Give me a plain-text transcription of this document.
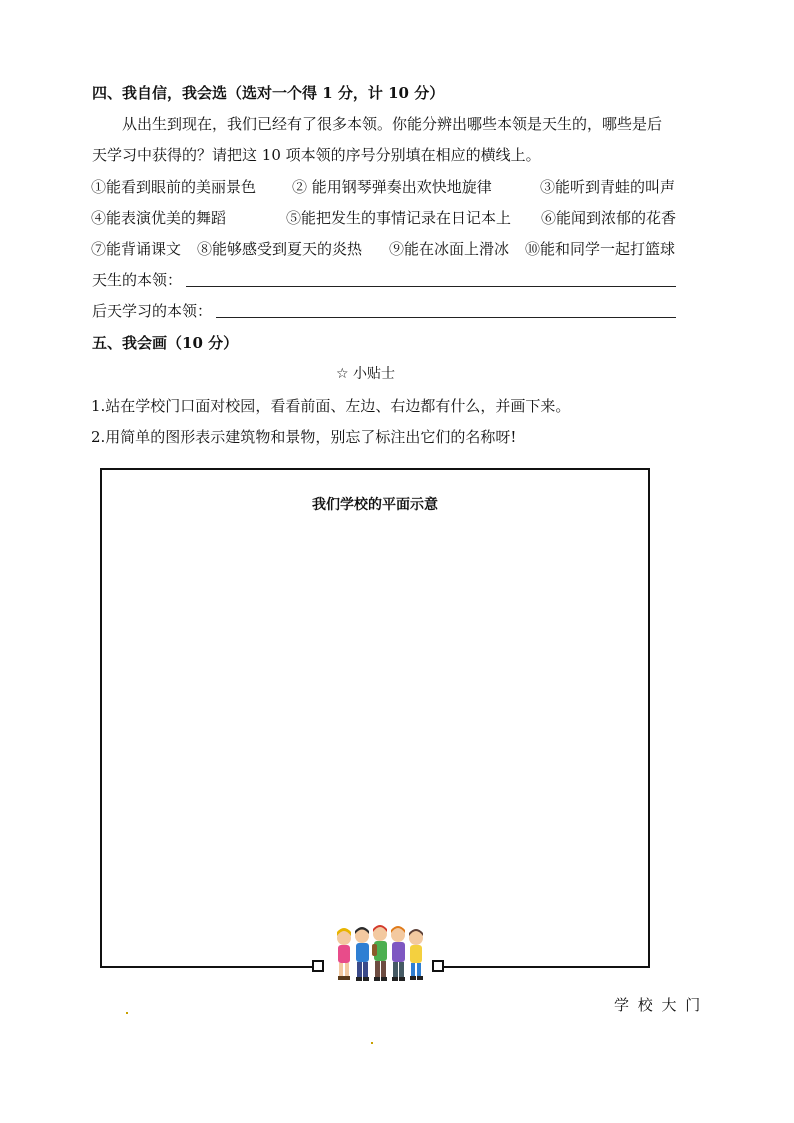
四、我自信，我会选（选对一个得 1 分，计 10 分）
从出生到现在，我们已经有了很多本领。你能分辨出哪些本领是天生的，哪些是后
天学习中获得的？请把这 10 项本领的序号分别填在相应的横线上。
①能看到眼前的美丽景色 ② 能用钢琴弹奏出欢快地旋律	③能听到青蛙的叫声
④能表演优美的舞蹈	⑤能把发生的事情记录在日记本上 ⑥能闻到浓郁的花香
⑦能背诵课文 ⑧能够感受到夏天的炎热 ⑨能在冰面上滑冰 ⑩能和同学一起打篮球
天生的本领：
后天学习的本领：
五、我会画（10 分）
☆ 小贴士
1.站在学校门口面对校园，看看前面、左边、右边都有什么，并画下来。
2.用简单的图形表示建筑物和景物，别忘了标注出它们的名称呀!
我们学校的平面示意
学 校 大 门
